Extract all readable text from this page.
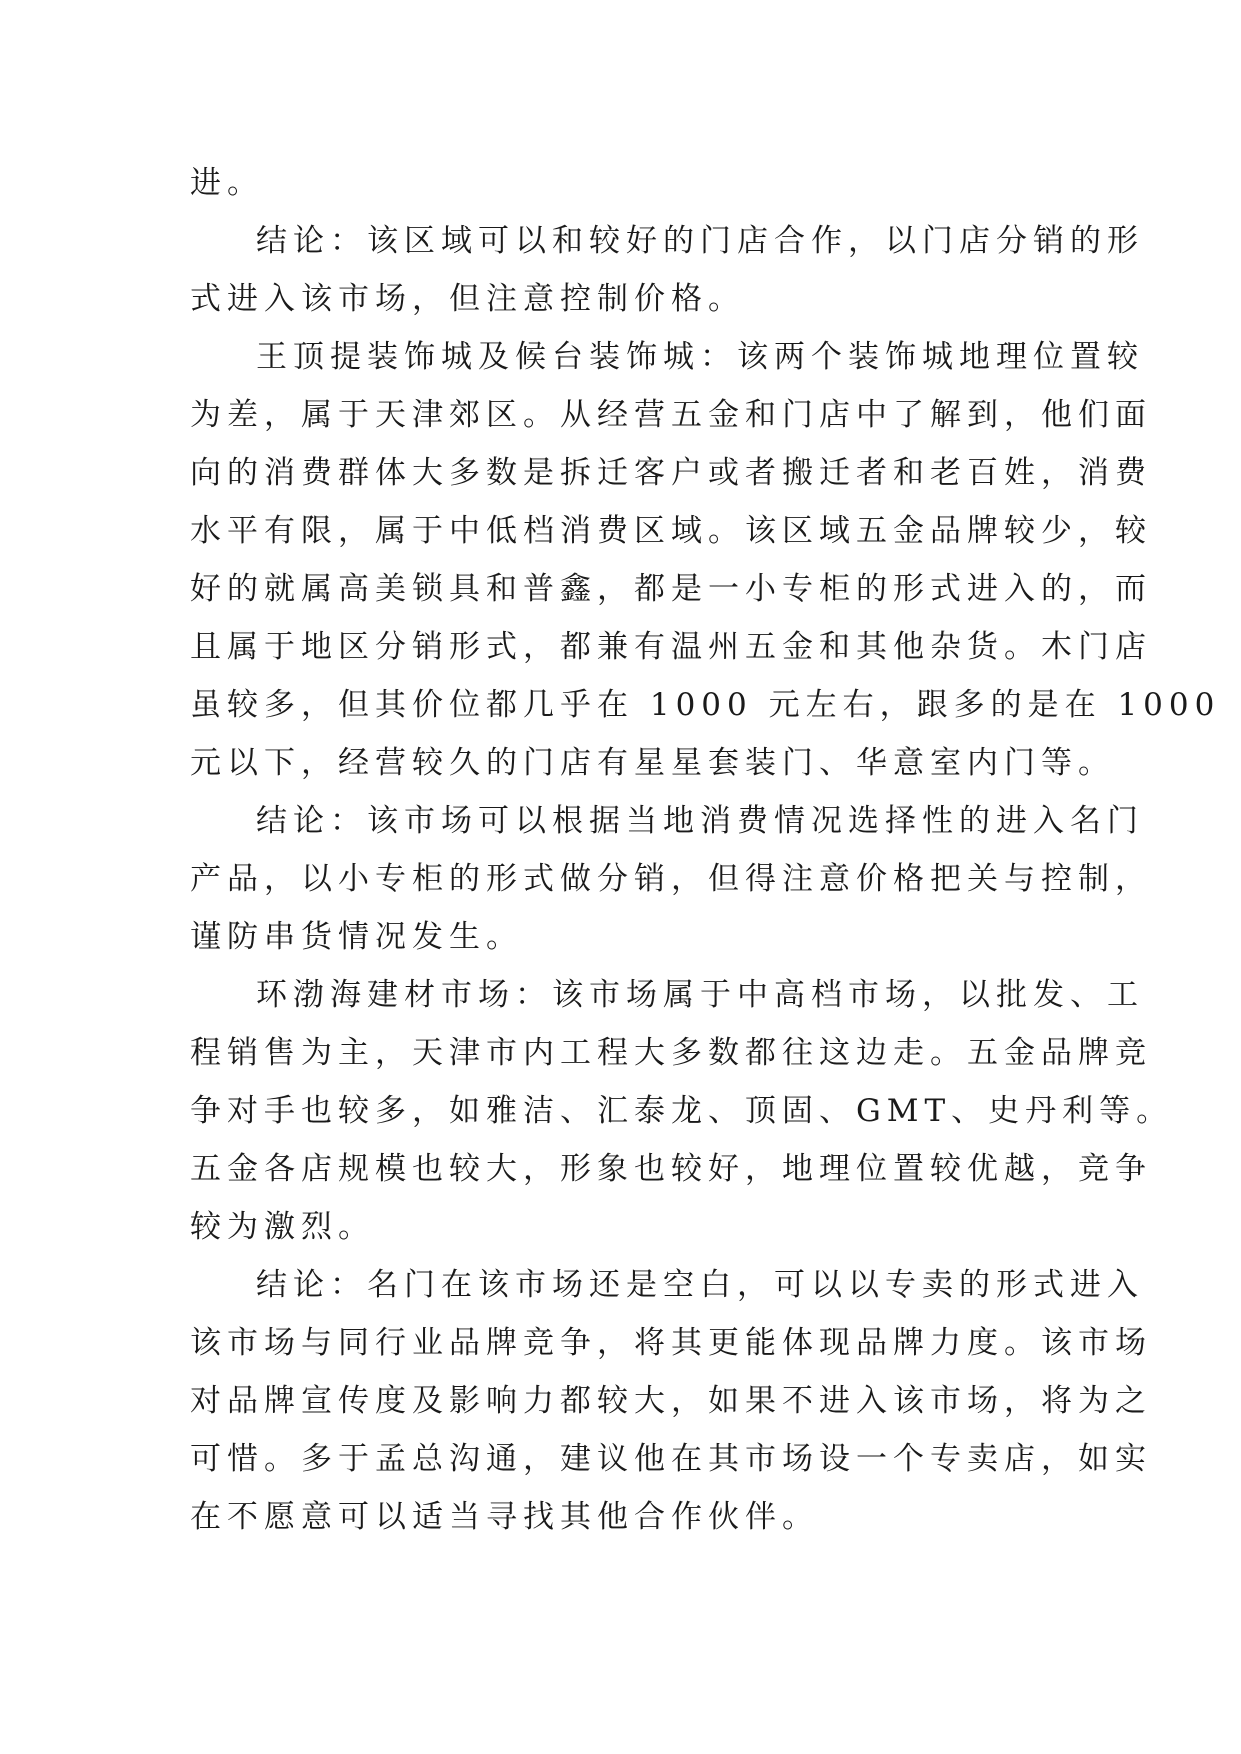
进。
结论：该区域可以和较好的门店合作，以门店分销的形
式进入该市场，但注意控制价格。
王顶提装饰城及候台装饰城：该两个装饰城地理位置较
为差，属于天津郊区。从经营五金和门店中了解到，他们面
向的消费群体大多数是拆迁客户或者搬迁者和老百姓，消费
水平有限，属于中低档消费区域。该区域五金品牌较少，较
好的就属高美锁具和普鑫，都是一小专柜的形式进入的，而
且属于地区分销形式，都兼有温州五金和其他杂货。木门店
虽较多，但其价位都几乎在 1000 元左右，跟多的是在 1000
元以下，经营较久的门店有星星套装门、华意室内门等。
结论：该市场可以根据当地消费情况选择性的进入名门
产品，以小专柜的形式做分销，但得注意价格把关与控制，
谨防串货情况发生。
环渤海建材市场：该市场属于中高档市场，以批发、工
程销售为主，天津市内工程大多数都往这边走。五金品牌竞
争对手也较多，如雅洁、汇泰龙、顶固、GMT、史丹利等。
五金各店规模也较大，形象也较好，地理位置较优越，竞争
较为激烈。
结论：名门在该市场还是空白，可以以专卖的形式进入
该市场与同行业品牌竞争，将其更能体现品牌力度。该市场
对品牌宣传度及影响力都较大，如果不进入该市场，将为之
可惜。多于孟总沟通，建议他在其市场设一个专卖店，如实
在不愿意可以适当寻找其他合作伙伴。
